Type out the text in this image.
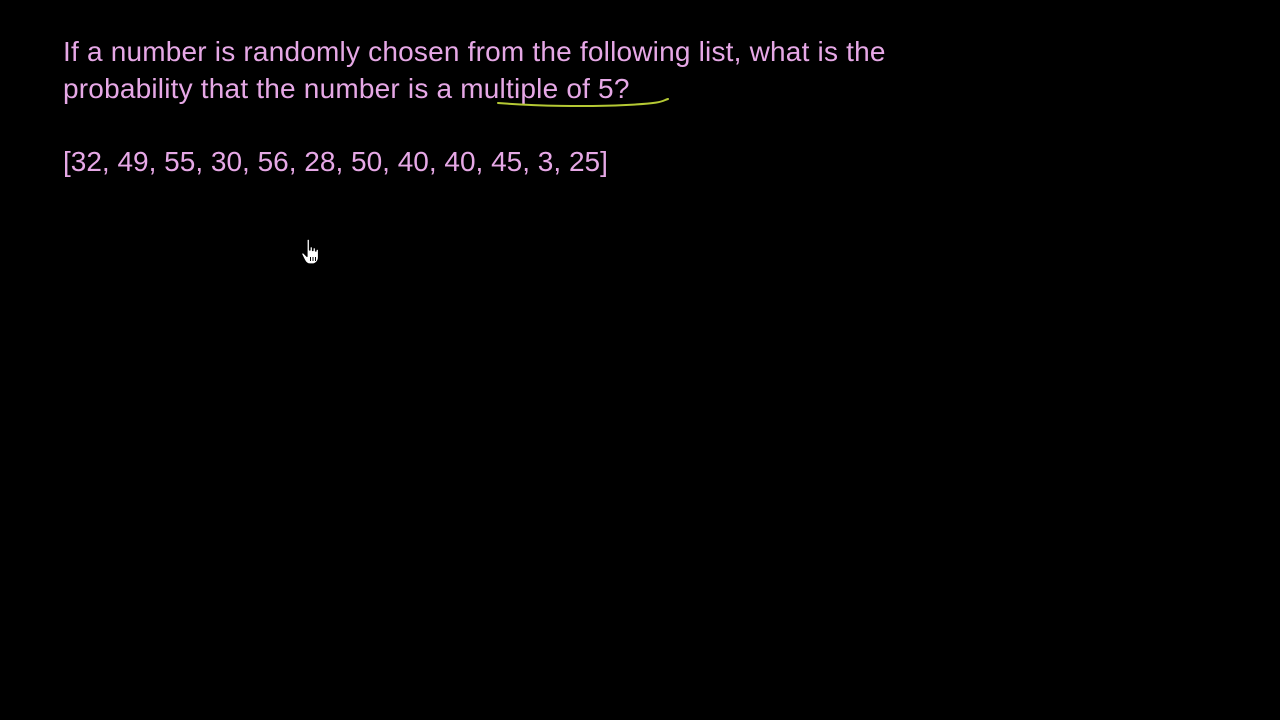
If a number is randomly chosen from the following list, what is the
probability that the number is a multiple of 5?
[32, 49, 55, 30, 56, 28, 50, 40, 40, 45, 3, 25]
